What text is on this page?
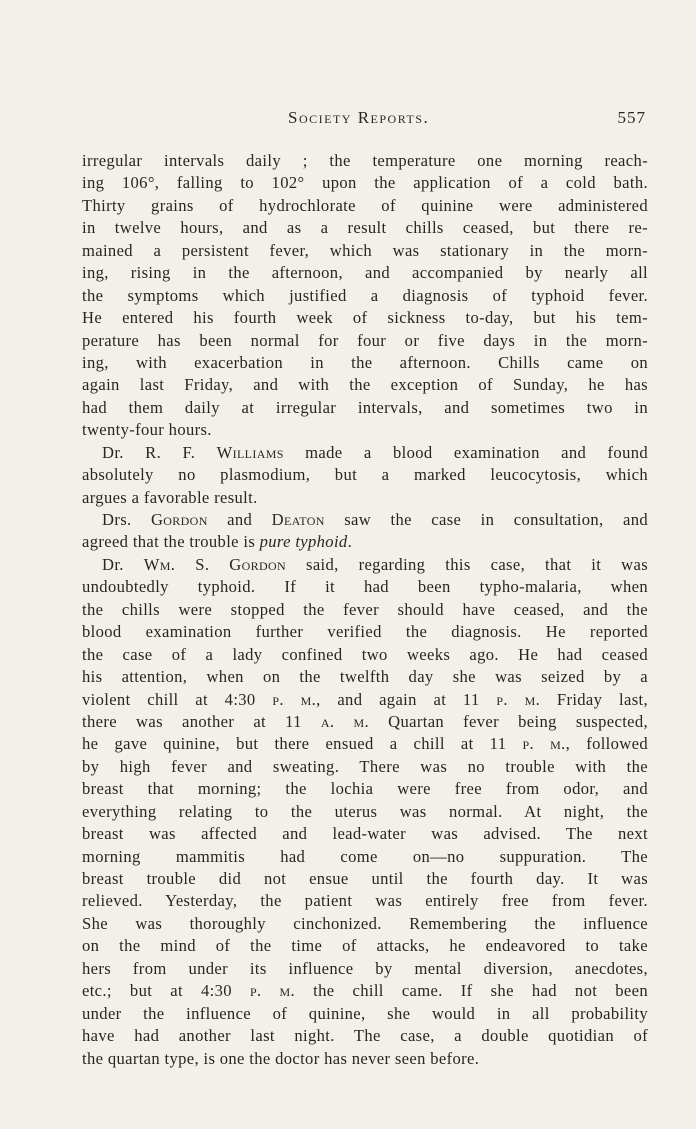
Society Reports.	557
irregular intervals daily ; the temperature one morning reach-
ing 106°, falling to 102° upon the application of a cold bath.
Thirty grains of hydrochlorate of quinine were administered
in twelve hours, and as a result chills ceased, but there re-
mained a persistent fever, which was stationary in the morn-
ing, rising in the afternoon, and accompanied by nearly all
the symptoms which justified a diagnosis of typhoid fever.
He entered his fourth week of sickness to-day, but his tem-
perature has been normal for four or five days in the morn-
ing, with exacerbation in the afternoon. Chills came on
again last Friday, and with the exception of Sunday, he has
had them daily at irregular intervals, and sometimes two in
twenty-four hours.
Dr. R. F. Williams made a blood examination and found
absolutely no plasmodium, but a marked leucocytosis, which
argues a favorable result.
Drs. Gordon and Deaton saw the case in consultation, and
agreed that the trouble is pure typhoid.
Dr. Wm. S. Gordon said, regarding this case, that it was
undoubtedly typhoid. If it had been typho-malaria, when
the chills were stopped the fever should have ceased, and the
blood examination further verified the diagnosis. He reported
the case of a lady confined two weeks ago. He had ceased
his attention, when on the twelfth day she was seized by a
violent chill at 4:30 p. m., and again at 11 p. m. Friday last,
there was another at 11 a. m. Quartan fever being suspected,
he gave quinine, but there ensued a chill at 11 p. m., followed
by high fever and sweating. There was no trouble with the
breast that morning; the lochia were free from odor, and
everything relating to the uterus was normal. At night, the
breast was affected and lead-water was advised. The next
morning mammitis had come on—no suppuration. The
breast trouble did not ensue until the fourth day. It was
relieved. Yesterday, the patient was entirely free from fever.
She was thoroughly cinchonized. Remembering the influence
on the mind of the time of attacks, he endeavored to take
hers from under its influence by mental diversion, anecdotes,
etc.; but at 4:30 p. m. the chill came. If she had not been
under the influence of quinine, she would in all probability
have had another last night. The case, a double quotidian of
the quartan type, is one the doctor has never seen before.
